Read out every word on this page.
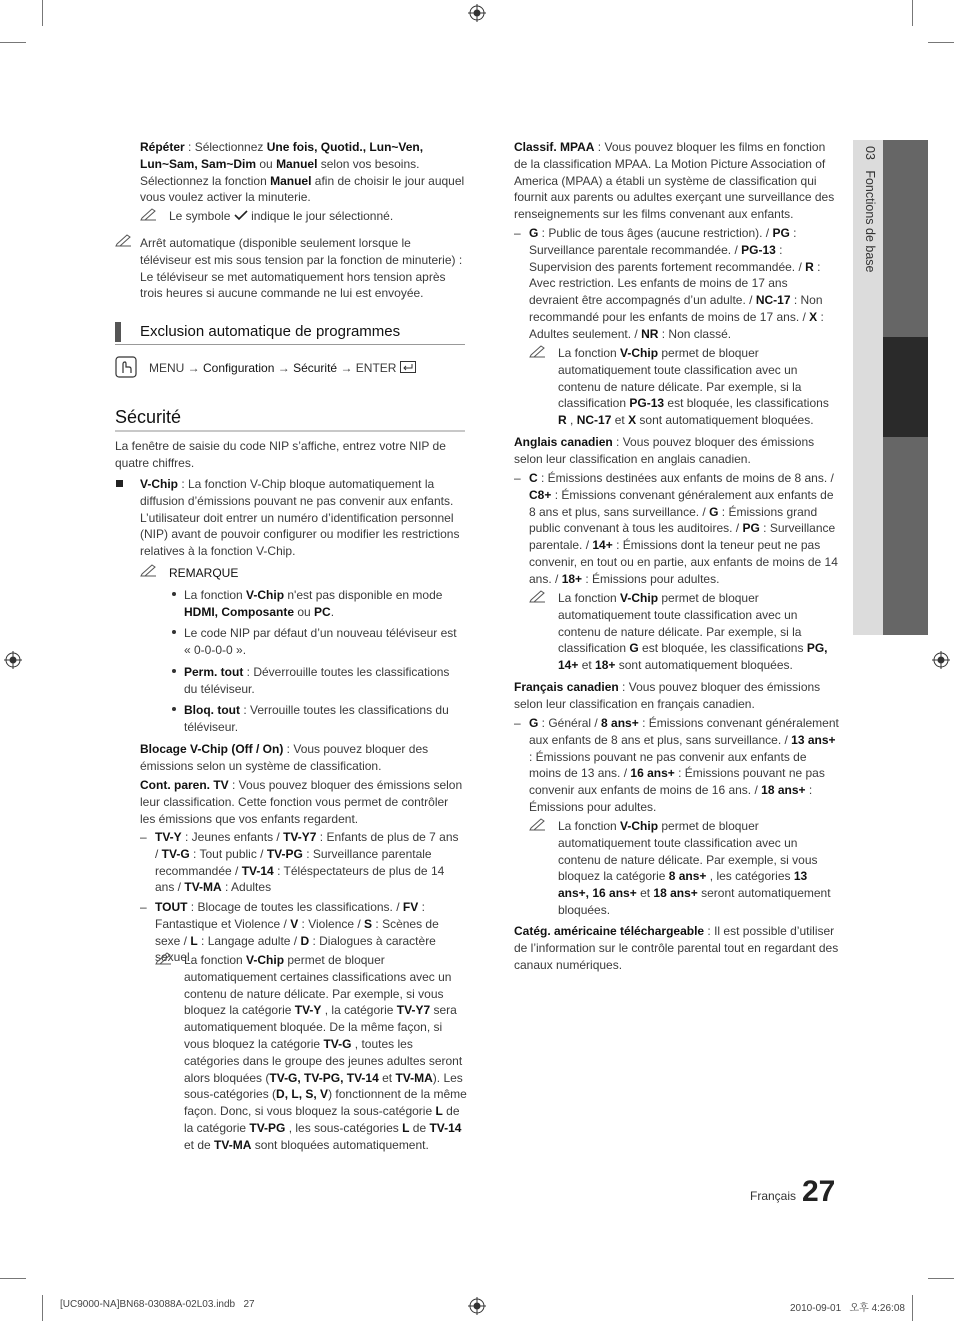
03   Fonctions de base
Répéter : Sélectionnez Une fois, Quotid., Lun~Ven, Lun~Sam, Sam~Dim ou Manuel selon vos besoins. Sélectionnez la fonction Manuel afin de choisir le jour auquel vous voulez activer la minuterie.
Le symbole indique le jour sélectionné.
Arrêt automatique (disponible seulement lorsque le téléviseur est mis sous tension par la fonction de minuterie) : Le téléviseur se met automatiquement hors tension après trois heures si aucune commande ne lui est envoyée.
Exclusion automatique de programmes
MENU → Configuration → Sécurité → ENTER
Sécurité
La fenêtre de saisie du code NIP s’affiche, entrez votre NIP de quatre chiffres.
V-Chip : La fonction V-Chip bloque automatiquement la diffusion d’émissions pouvant ne pas convenir aux enfants. L’utilisateur doit entrer un numéro d’identification personnel (NIP) avant de pouvoir configurer ou modifier les restrictions relatives à la fonction V-Chip.
REMARQUE
La fonction V-Chip n'est pas disponible en mode HDMI, Composante ou PC.
Le code NIP par défaut d’un nouveau téléviseur est « 0-0-0-0 ».
Perm. tout : Déverrouille toutes les classifications du téléviseur.
Bloq. tout : Verrouille toutes les classifications du téléviseur.
Blocage V-Chip (Off / On) : Vous pouvez bloquer des émissions selon un système de classification.
Cont. paren. TV : Vous pouvez bloquer des émissions selon leur classification. Cette fonction vous permet de contrôler les émissions que vos enfants regardent.
– TV-Y : Jeunes enfants / TV-Y7 : Enfants de plus de 7 ans / TV-G : Tout public / TV-PG : Surveillance parentale recommandée / TV-14 : Téléspectateurs de plus de 14 ans / TV-MA : Adultes
– TOUT : Blocage de toutes les classifications. / FV : Fantastique et Violence / V : Violence / S : Scènes de sexe / L : Langage adulte / D : Dialogues à caractère sexuel
La fonction V-Chip permet de bloquer automatiquement certaines classifications avec un contenu de nature délicate. Par exemple, si vous bloquez la catégorie TV-Y , la catégorie TV-Y7 sera automatiquement bloquée. De la même façon, si vous bloquez la catégorie TV-G , toutes les catégories dans le groupe des jeunes adultes seront alors bloquées (TV-G, TV-PG, TV-14 et TV-MA). Les sous-catégories (D, L, S, V) fonctionnent de la même façon. Donc, si vous bloquez la sous-catégorie L de la catégorie TV-PG , les sous-catégories L de TV-14 et de TV-MA sont bloquées automatiquement.
Classif. MPAA : Vous pouvez bloquer les films en fonction de la classification MPAA. La Motion Picture Association of America (MPAA) a établi un système de classification qui fournit aux parents ou adultes exerçant une surveillance des renseignements sur les films convenant aux enfants.
– G : Public de tous âges (aucune restriction). / PG : Surveillance parentale recommandée. / PG-13 : Supervision des parents fortement recommandée. / R : Avec restriction. Les enfants de moins de 17 ans devraient être accompagnés d’un adulte. / NC-17 : Non recommandé pour les enfants de moins de 17 ans. / X : Adultes seulement. / NR : Non classé.
La fonction V-Chip permet de bloquer automatiquement toute classification avec un contenu de nature délicate. Par exemple, si la classification PG-13 est bloquée, les classifications R , NC-17 et X sont automatiquement bloquées.
Anglais canadien : Vous pouvez bloquer des émissions selon leur classification en anglais canadien.
– C : Émissions destinées aux enfants de moins de 8 ans. / C8+ : Émissions convenant généralement aux enfants de 8 ans et plus, sans surveillance. / G : Émissions grand public convenant à tous les auditoires. / PG : Surveillance parentale. / 14+ : Émissions dont la teneur peut ne pas convenir, en tout ou en partie, aux enfants de moins de 14 ans. / 18+ : Émissions pour adultes.
La fonction V-Chip permet de bloquer automatiquement toute classification avec un contenu de nature délicate. Par exemple, si la classification G est bloquée, les classifications PG, 14+ et 18+ sont automatiquement bloquées.
Français canadien : Vous pouvez bloquer des émissions selon leur classification en français canadien.
– G : Général / 8 ans+ : Émissions convenant généralement aux enfants de 8 ans et plus, sans surveillance. / 13 ans+ : Émissions pouvant ne pas convenir aux enfants de moins de 13 ans. / 16 ans+ : Émissions pouvant ne pas convenir aux enfants de moins de 16 ans. / 18 ans+ : Émissions pour adultes.
La fonction V-Chip permet de bloquer automatiquement toute classification avec un contenu de nature délicate. Par exemple, si vous bloquez la catégorie 8 ans+ , les catégories 13 ans+, 16 ans+ et 18 ans+ seront automatiquement bloquées.
Catég. américaine téléchargeable : Il est possible d’utiliser de l’information sur le contrôle parental tout en regardant des canaux numériques.
Français 27
[UC9000-NA]BN68-03088A-02L03.indb   27	2010-09-01   오후 4:26:08
